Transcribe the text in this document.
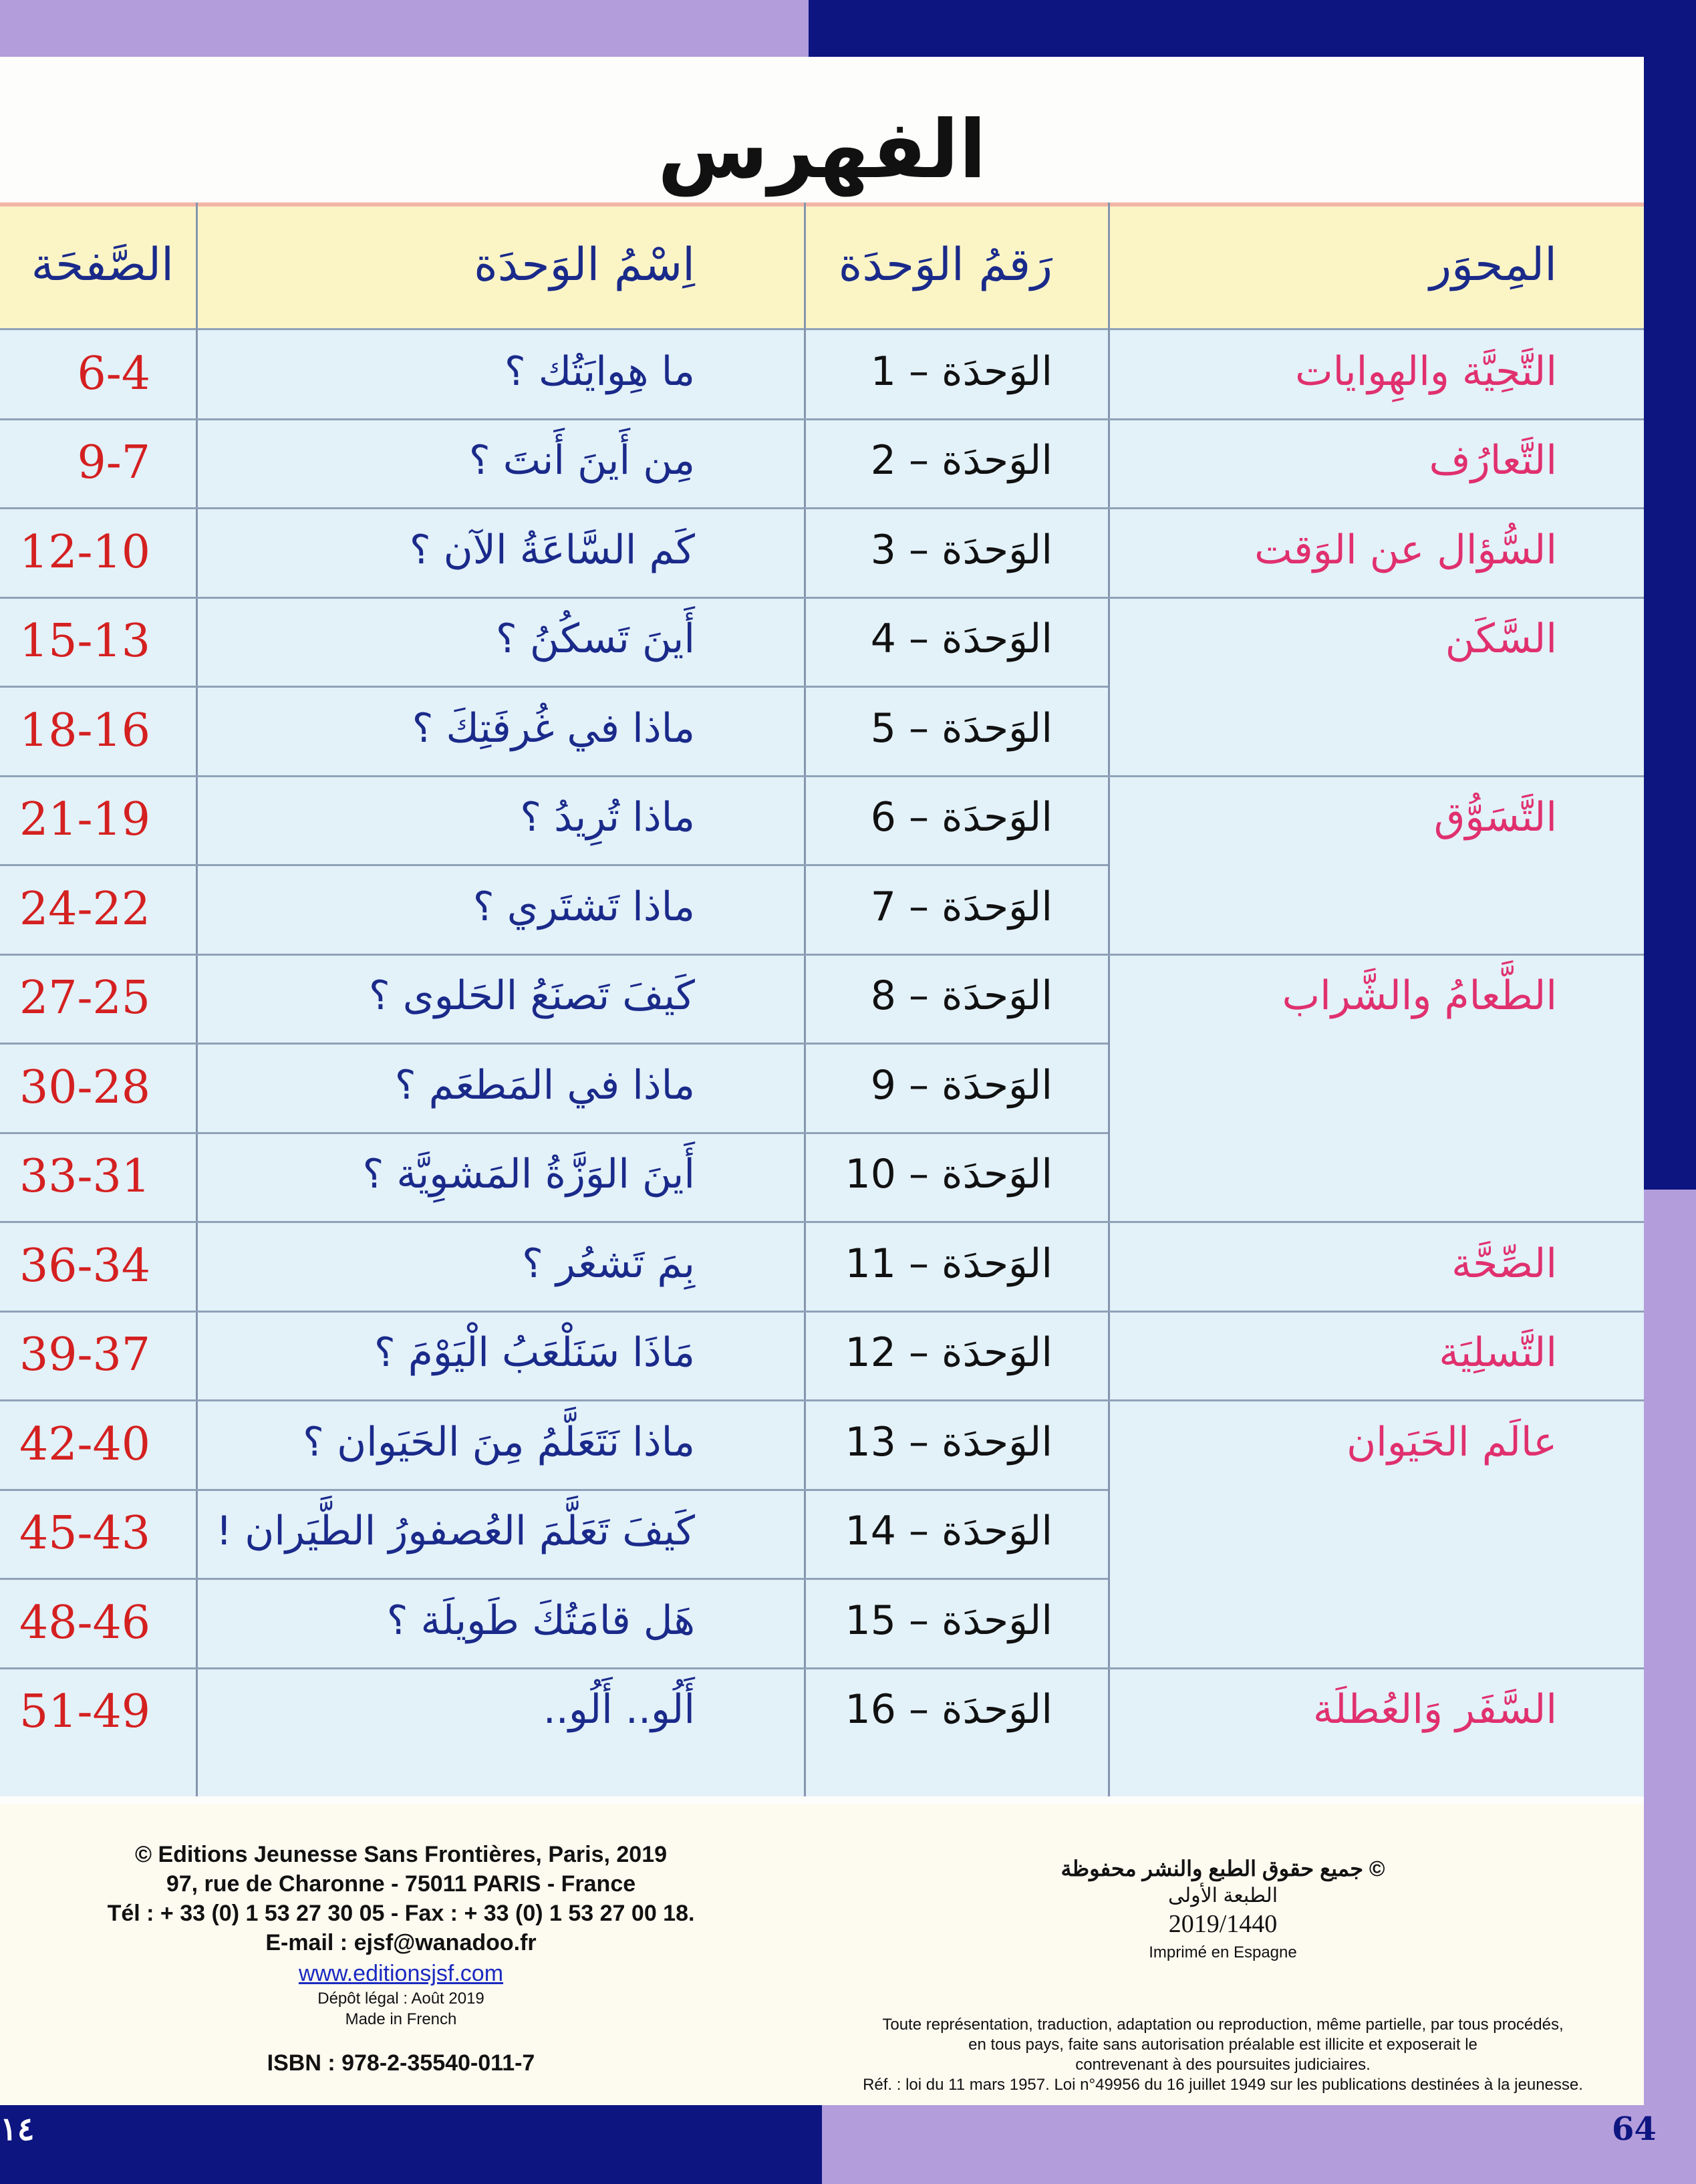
الفهرس
المِحوَر
رَقمُ الوَحدَة
اِسْمُ الوَحدَة
الصَّفحَة
التَّحِيَّة والهِوايات
الوَحدَة – 1
ما هِوايَتُك ؟
6-4
التَّعارُف
الوَحدَة – 2
مِن أَينَ أَنتَ ؟
9-7
السُّؤال عن الوَقت
الوَحدَة – 3
كَم السَّاعَةُ الآن ؟
12-10
السَّكَن
الوَحدَة – 4
أَينَ تَسكُنُ ؟
15-13
الوَحدَة – 5
ماذا في غُرفَتِكَ ؟
18-16
التَّسَوُّق
الوَحدَة – 6
ماذا تُرِيدُ ؟
21-19
الوَحدَة – 7
ماذا تَشتَري ؟
24-22
الطَّعامُ والشَّراب
الوَحدَة – 8
كَيفَ تَصنَعُ الحَلوى ؟
27-25
الوَحدَة – 9
ماذا في المَطعَم ؟
30-28
الوَحدَة – 10
أَينَ الوَزَّةُ المَشوِيَّة ؟
33-31
الصِّحَّة
الوَحدَة – 11
بِمَ تَشعُر ؟
36-34
التَّسلِيَة
الوَحدَة – 12
مَاذَا سَنَلْعَبُ الْيَوْمَ ؟
39-37
عالَم الحَيَوان
الوَحدَة – 13
ماذا نَتَعَلَّمُ مِنَ الحَيَوان ؟
42-40
الوَحدَة – 14
كَيفَ تَعَلَّمَ العُصفورُ الطَّيَران !
45-43
الوَحدَة – 15
هَل قامَتُكَ طَويلَة ؟
48-46
السَّفَر وَالعُطلَة
الوَحدَة – 16
أَلُو.. أَلُو..
51-49
© Editions Jeunesse Sans Frontières, Paris, 2019
97, rue de Charonne - 75011 PARIS - France
Tél : + 33 (0) 1 53 27 30 05 - Fax : + 33 (0) 1 53 27 00 18.
E-mail : ejsf@wanadoo.fr
www.editionsjsf.com
Dépôt légal : Août 2019
Made in French
ISBN : 978-2-35540-011-7
© جميع حقوق الطبع والنشر محفوظة
الطبعة الأولى
2019/1440
Imprimé en Espagne
Toute représentation, traduction, adaptation ou reproduction, même partielle, par tous procédés,
en tous pays, faite sans autorisation préalable est illicite et exposerait le
contrevenant à des poursuites judiciaires.
Réf. : loi du 11 mars 1957. Loi n°49956 du 16 juillet 1949 sur les publications destinées à la jeunesse.
64
١٤
